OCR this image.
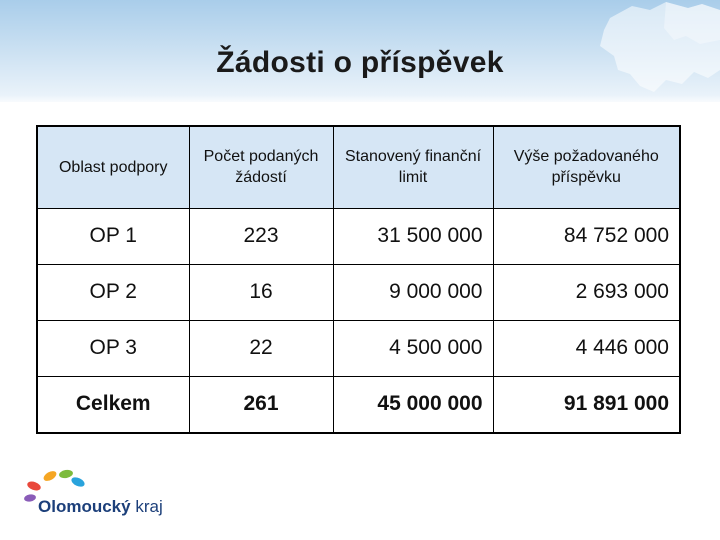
Žádosti o příspěvek
Oblast podpory	Počet podaných žádostí	Stanovený finanční limit	Výše požadovaného příspěvku
OP 1	223	31 500 000	84 752 000
OP 2	16	9 000 000	2 693 000
OP 3	22	4 500 000	4 446 000
Celkem	261	45 000 000	91 891 000
Olomoucký kraj
